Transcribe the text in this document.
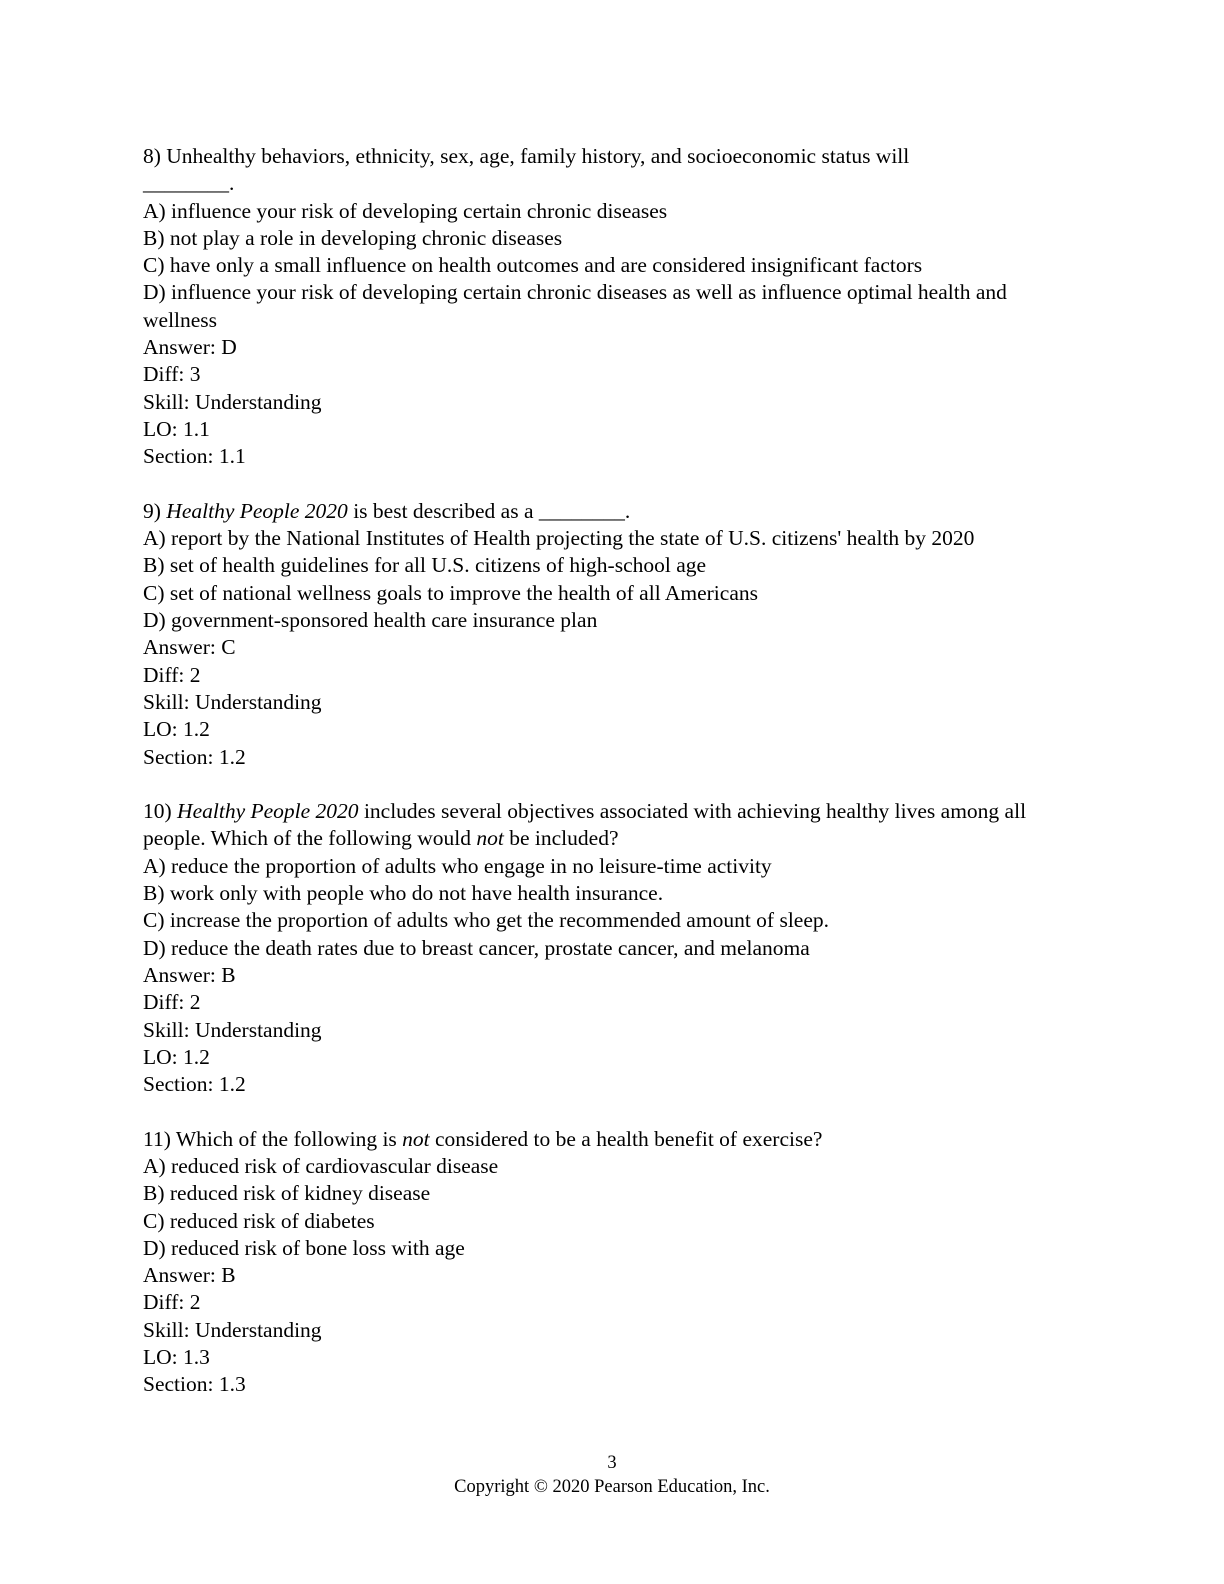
8) Unhealthy behaviors, ethnicity, sex, age, family history, and socioeconomic status will
________.
A) influence your risk of developing certain chronic diseases
B) not play a role in developing chronic diseases
C) have only a small influence on health outcomes and are considered insignificant factors
D) influence your risk of developing certain chronic diseases as well as influence optimal health and wellness
Answer: D
Diff: 3
Skill: Understanding
LO: 1.1
Section: 1.1
9) Healthy People 2020 is best described as a ________.
A) report by the National Institutes of Health projecting the state of U.S. citizens' health by 2020
B) set of health guidelines for all U.S. citizens of high-school age
C) set of national wellness goals to improve the health of all Americans
D) government-sponsored health care insurance plan
Answer: C
Diff: 2
Skill: Understanding
LO: 1.2
Section: 1.2
10) Healthy People 2020 includes several objectives associated with achieving healthy lives among all people. Which of the following would not be included?
A) reduce the proportion of adults who engage in no leisure-time activity
B) work only with people who do not have health insurance.
C) increase the proportion of adults who get the recommended amount of sleep.
D) reduce the death rates due to breast cancer, prostate cancer, and melanoma
Answer: B
Diff: 2
Skill: Understanding
LO: 1.2
Section: 1.2
11) Which of the following is not considered to be a health benefit of exercise?
A) reduced risk of cardiovascular disease
B) reduced risk of kidney disease
C) reduced risk of diabetes
D) reduced risk of bone loss with age
Answer: B
Diff: 2
Skill: Understanding
LO: 1.3
Section: 1.3
3
Copyright © 2020 Pearson Education, Inc.
